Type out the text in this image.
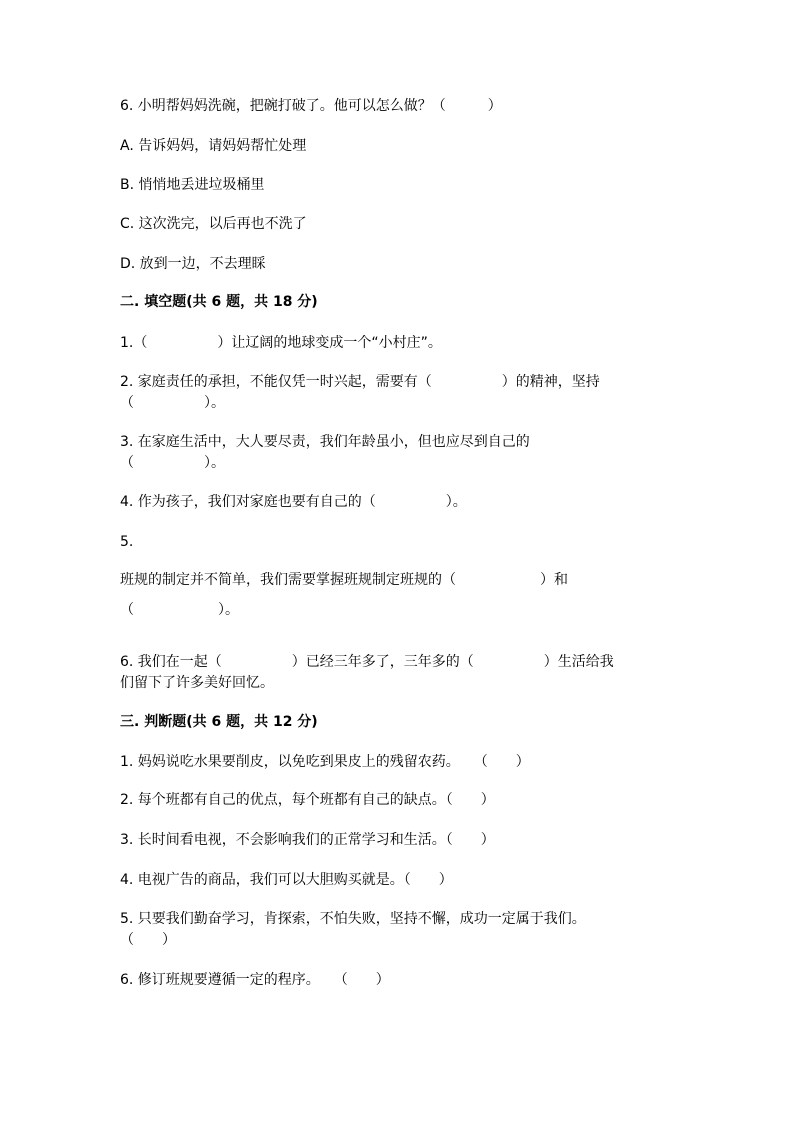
6. 小明帮妈妈洗碗，把碗打破了。他可以怎么做？（　　　）
A. 告诉妈妈，请妈妈帮忙处理
B. 悄悄地丢进垃圾桶里
C. 这次洗完，以后再也不洗了
D. 放到一边，不去理睬
二. 填空题(共 6 题，共 18 分)
1.（　　　　　）让辽阔的地球变成一个“小村庄”。
2. 家庭责任的承担，不能仅凭一时兴起，需要有（　　　　　）的精神，坚持
（　　　　　）。
3. 在家庭生活中，大人要尽责，我们年龄虽小，但也应尽到自己的
（　　　　　）。
4. 作为孩子，我们对家庭也要有自己的（　　　　　）。
5.
班规的制定并不简单，我们需要掌握班规制定班规的（　　　　　　）和
（　　　　　　）。
6. 我们在一起（　　　　　）已经三年多了，三年多的（　　　　　）生活给我
们留下了许多美好回忆。
三. 判断题(共 6 题，共 12 分)
1. 妈妈说吃水果要削皮，以免吃到果皮上的残留农药。　　（　　）
2. 每个班都有自己的优点，每个班都有自己的缺点。（　　）
3. 长时间看电视，不会影响我们的正常学习和生活。（　　）
4. 电视广告的商品，我们可以大胆购买就是。（　　）
5. 只要我们勤奋学习，肯探索，不怕失败，坚持不懈，成功一定属于我们。
（　　）
6. 修订班规要遵循一定的程序。　　（　　）
